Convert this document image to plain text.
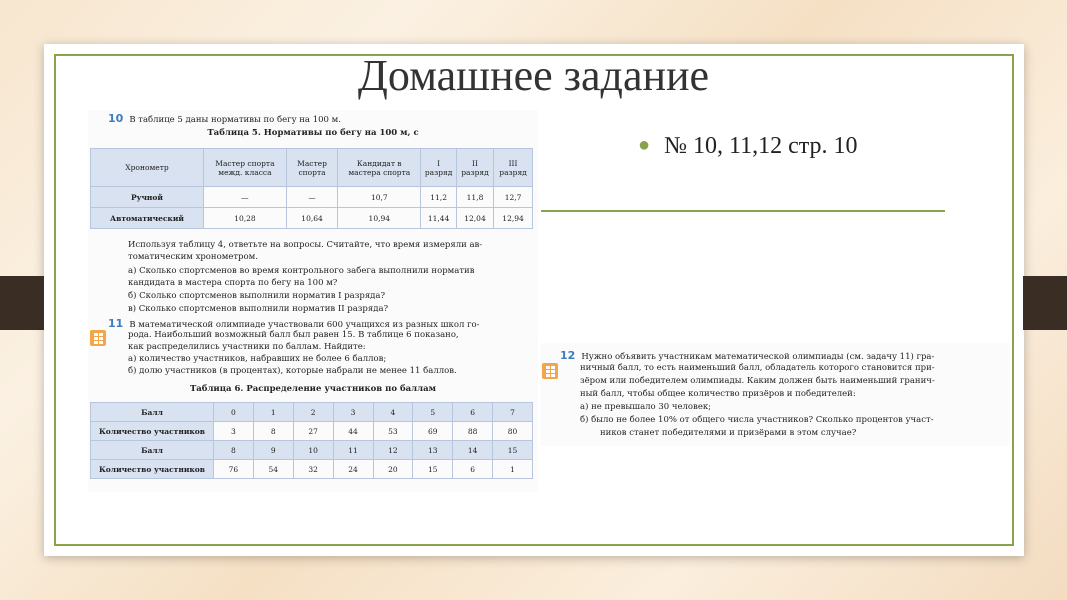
Домашнее задание
● № 10, 11,12 стр. 10
10 В таблице 5 даны нормативы по бегу на 100 м.
Таблица 5. Нормативы по бегу на 100 м, с
Хронометр	Мастер спорта межд. класса	Мастер спорта	Кандидат в мастера спорта	I разряд	II разряд	III разряд
Ручной	—	—	10,7	11,2	11,8	12,7
Автоматический	10,28	10,64	10,94	11,44	12,04	12,94
Используя таблицу 4, ответьте на вопросы. Считайте, что время измеряли ав-
томатическим хронометром.
а) Сколько спортсменов во время контрольного забега выполнили норматив
кандидата в мастера спорта по бегу на 100 м?
б) Сколько спортсменов выполнили норматив I разряда?
в) Сколько спортсменов выполнили норматив II разряда?
11 В математической олимпиаде участвовали 600 учащихся из разных школ го-
рода. Наибольший возможный балл был равен 15. В таблице 6 показано,
как распределились участники по баллам. Найдите:
а) количество участников, набравших не более 6 баллов;
б) долю участников (в процентах), которые набрали не менее 11 баллов.
Таблица 6. Распределение участников по баллам
Балл	0	1	2	3	4	5	6	7
Количество участников	3	8	27	44	53	69	88	80
Балл	8	9	10	11	12	13	14	15
Количество участников	76	54	32	24	20	15	6	1
12 Нужно объявить участникам математической олимпиады (см. задачу 11) гра-
ничный балл, то есть наименьший балл, обладатель которого становится при-
зёром или победителем олимпиады. Каким должен быть наименьший гранич-
ный балл, чтобы общее количество призёров и победителей:
а) не превышало 30 человек;
б) было не более 10% от общего числа участников? Сколько процентов участ-
ников станет победителями и призёрами в этом случае?
